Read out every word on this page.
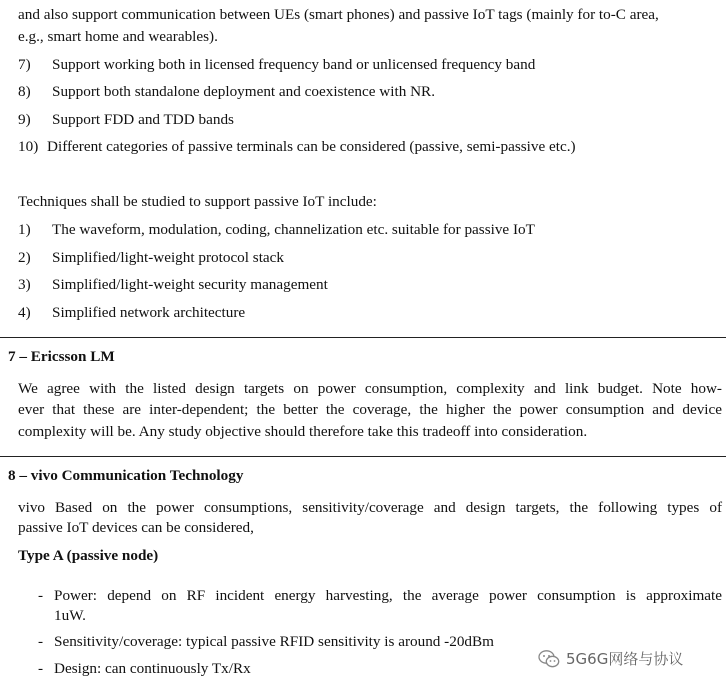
and also support communication between UEs (smart phones) and passive IoT tags (mainly for to-C area,
e.g., smart home and wearables).
7) Support working both in licensed frequency band or unlicensed frequency band
8) Support both standalone deployment and coexistence with NR.
9) Support FDD and TDD bands
10) Different categories of passive terminals can be considered (passive, semi-passive etc.)
Techniques shall be studied to support passive IoT include:
1) The waveform, modulation, coding, channelization etc. suitable for passive IoT
2) Simplified/light-weight protocol stack
3) Simplified/light-weight security management
4) Simplified network architecture
7 – Ericsson LM
We agree with the listed design targets on power consumption, complexity and link budget. Note how-
ever that these are inter-dependent; the better the coverage, the higher the power consumption and device
complexity will be. Any study objective should therefore take this tradeoff into consideration.
8 – vivo Communication Technology
vivo Based on the power consumptions, sensitivity/coverage and design targets, the following types of
passive IoT devices can be considered,
Type A (passive node) 
- Power: depend on RF incident energy harvesting, the average power consumption is approximate
1uW.
- Sensitivity/coverage: typical passive RFID sensitivity is around -20dBm
- Design: can continuously Tx/Rx
5G6G网络与协议
